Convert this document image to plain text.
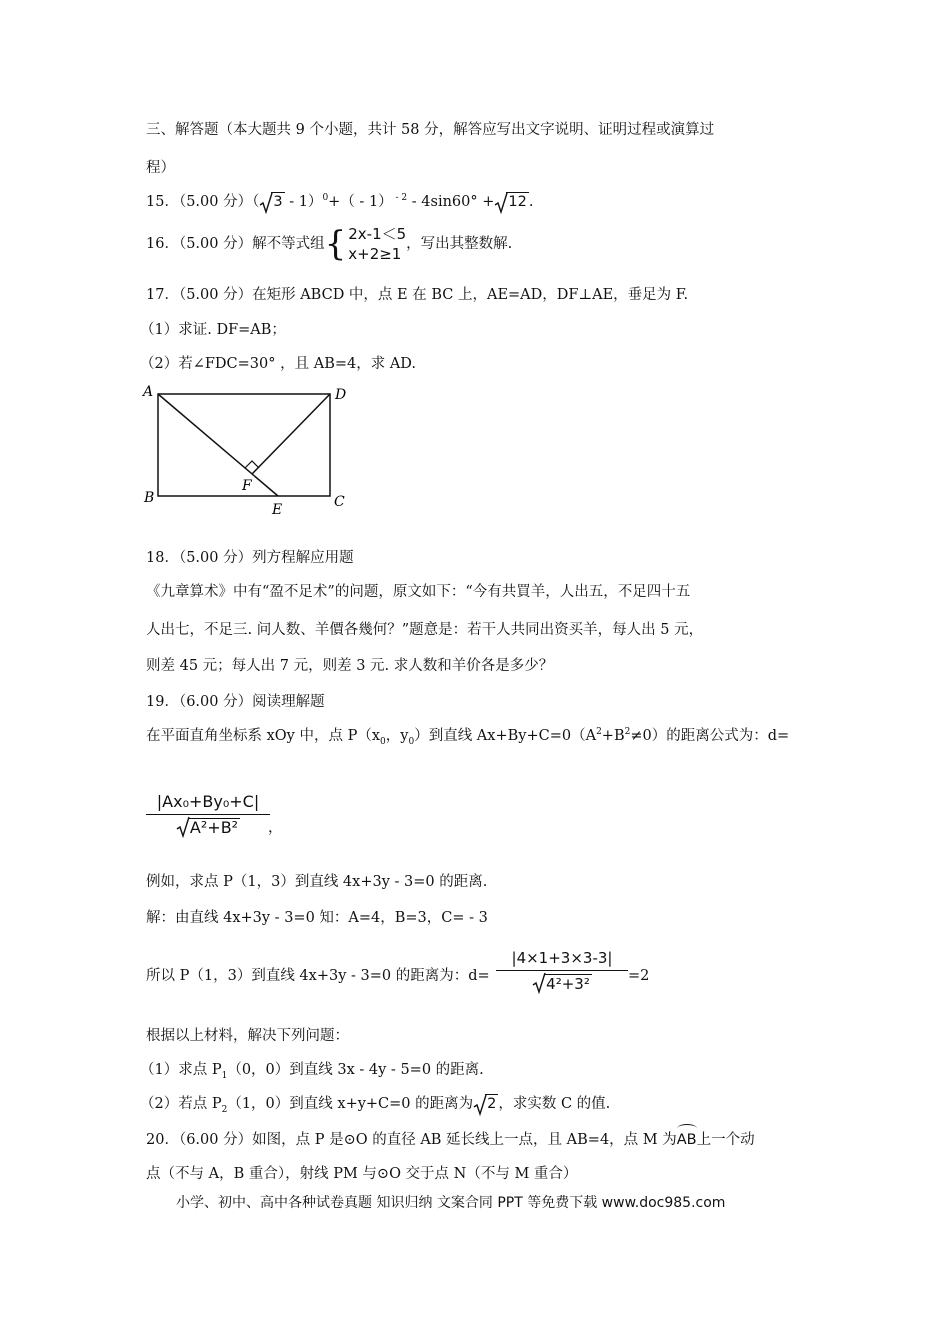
三、解答题（本大题共 9 个小题，共计 58 分，解答应写出文字说明、证明过程或演算过
程）
15．（5.00 分）（ 3 - 1）$^0$+（ - 1） $^{- 2}$ - 4sin60° + 12 .
16．（5.00 分）解不等式组{ 2x-1＜5
x+2≥1
，写出其整数解.
17．（5.00 分）在矩形 ABCD 中，点 E 在 BC 上，AE=AD，DF⊥AE，垂足为 F.
（1）求证. DF=AB；
（2）若∠FDC=30° ，且 AB=4，求 AD.
A	D
B	C
E
F
18．（5.00 分）列方程解应用题
《九章算术》中有“盈不足术”的问题，原文如下：“今有共買羊，人出五，不足四十五
人出七，不足三. 问人数、羊價各幾何？”题意是：若干人共同出资买羊，每人出 5 元，
则差 45 元；每人出 7 元，则差 3 元. 求人数和羊价各是多少？
19．（6.00 分）阅读理解题
在平面直角坐标系 xOy 中，点 $P(x_0$，$y_0$）到直线 $Ax+By+C=0(A^2+B^2\ne 0)$的距离公式为：d=
$\frac{\text{|Ax₀+By₀+C|}}{\text{A²+B²}}$
，
例如，求点 P（1，3）到直线 4x+3y - 3=0 的距离.
解：由直线 4x+3y - 3=0 知：A=4，B=3，C= - 3
所以 P（1，3）到直线 4x+3y - 3=0 的距离为：$d= \frac{|4\times 1+3\times 3-3|}{\text{4²+3²}} =2$
根据以上材料，解决下列问题：
（1）求点 $P_1(0$，0）到直线 3x - 4y - 5=0 的距离.
（2）若点 $P_2(1$，0）到直线 x+y+C=0 的距离为 2 ，求实数 C 的值.
20．（6.00 分）如图，点 P 是⊙O 的直径 AB 延长线上一点，且 AB=4，点 M 为AB上一个动
点（不与 A，B 重合），射线 PM 与⊙O 交于点 N（不与 M 重合）
小学、初中、高中各种试卷真题 知识归纳 文案合同 PPT 等免费下载 www.doc985.com
